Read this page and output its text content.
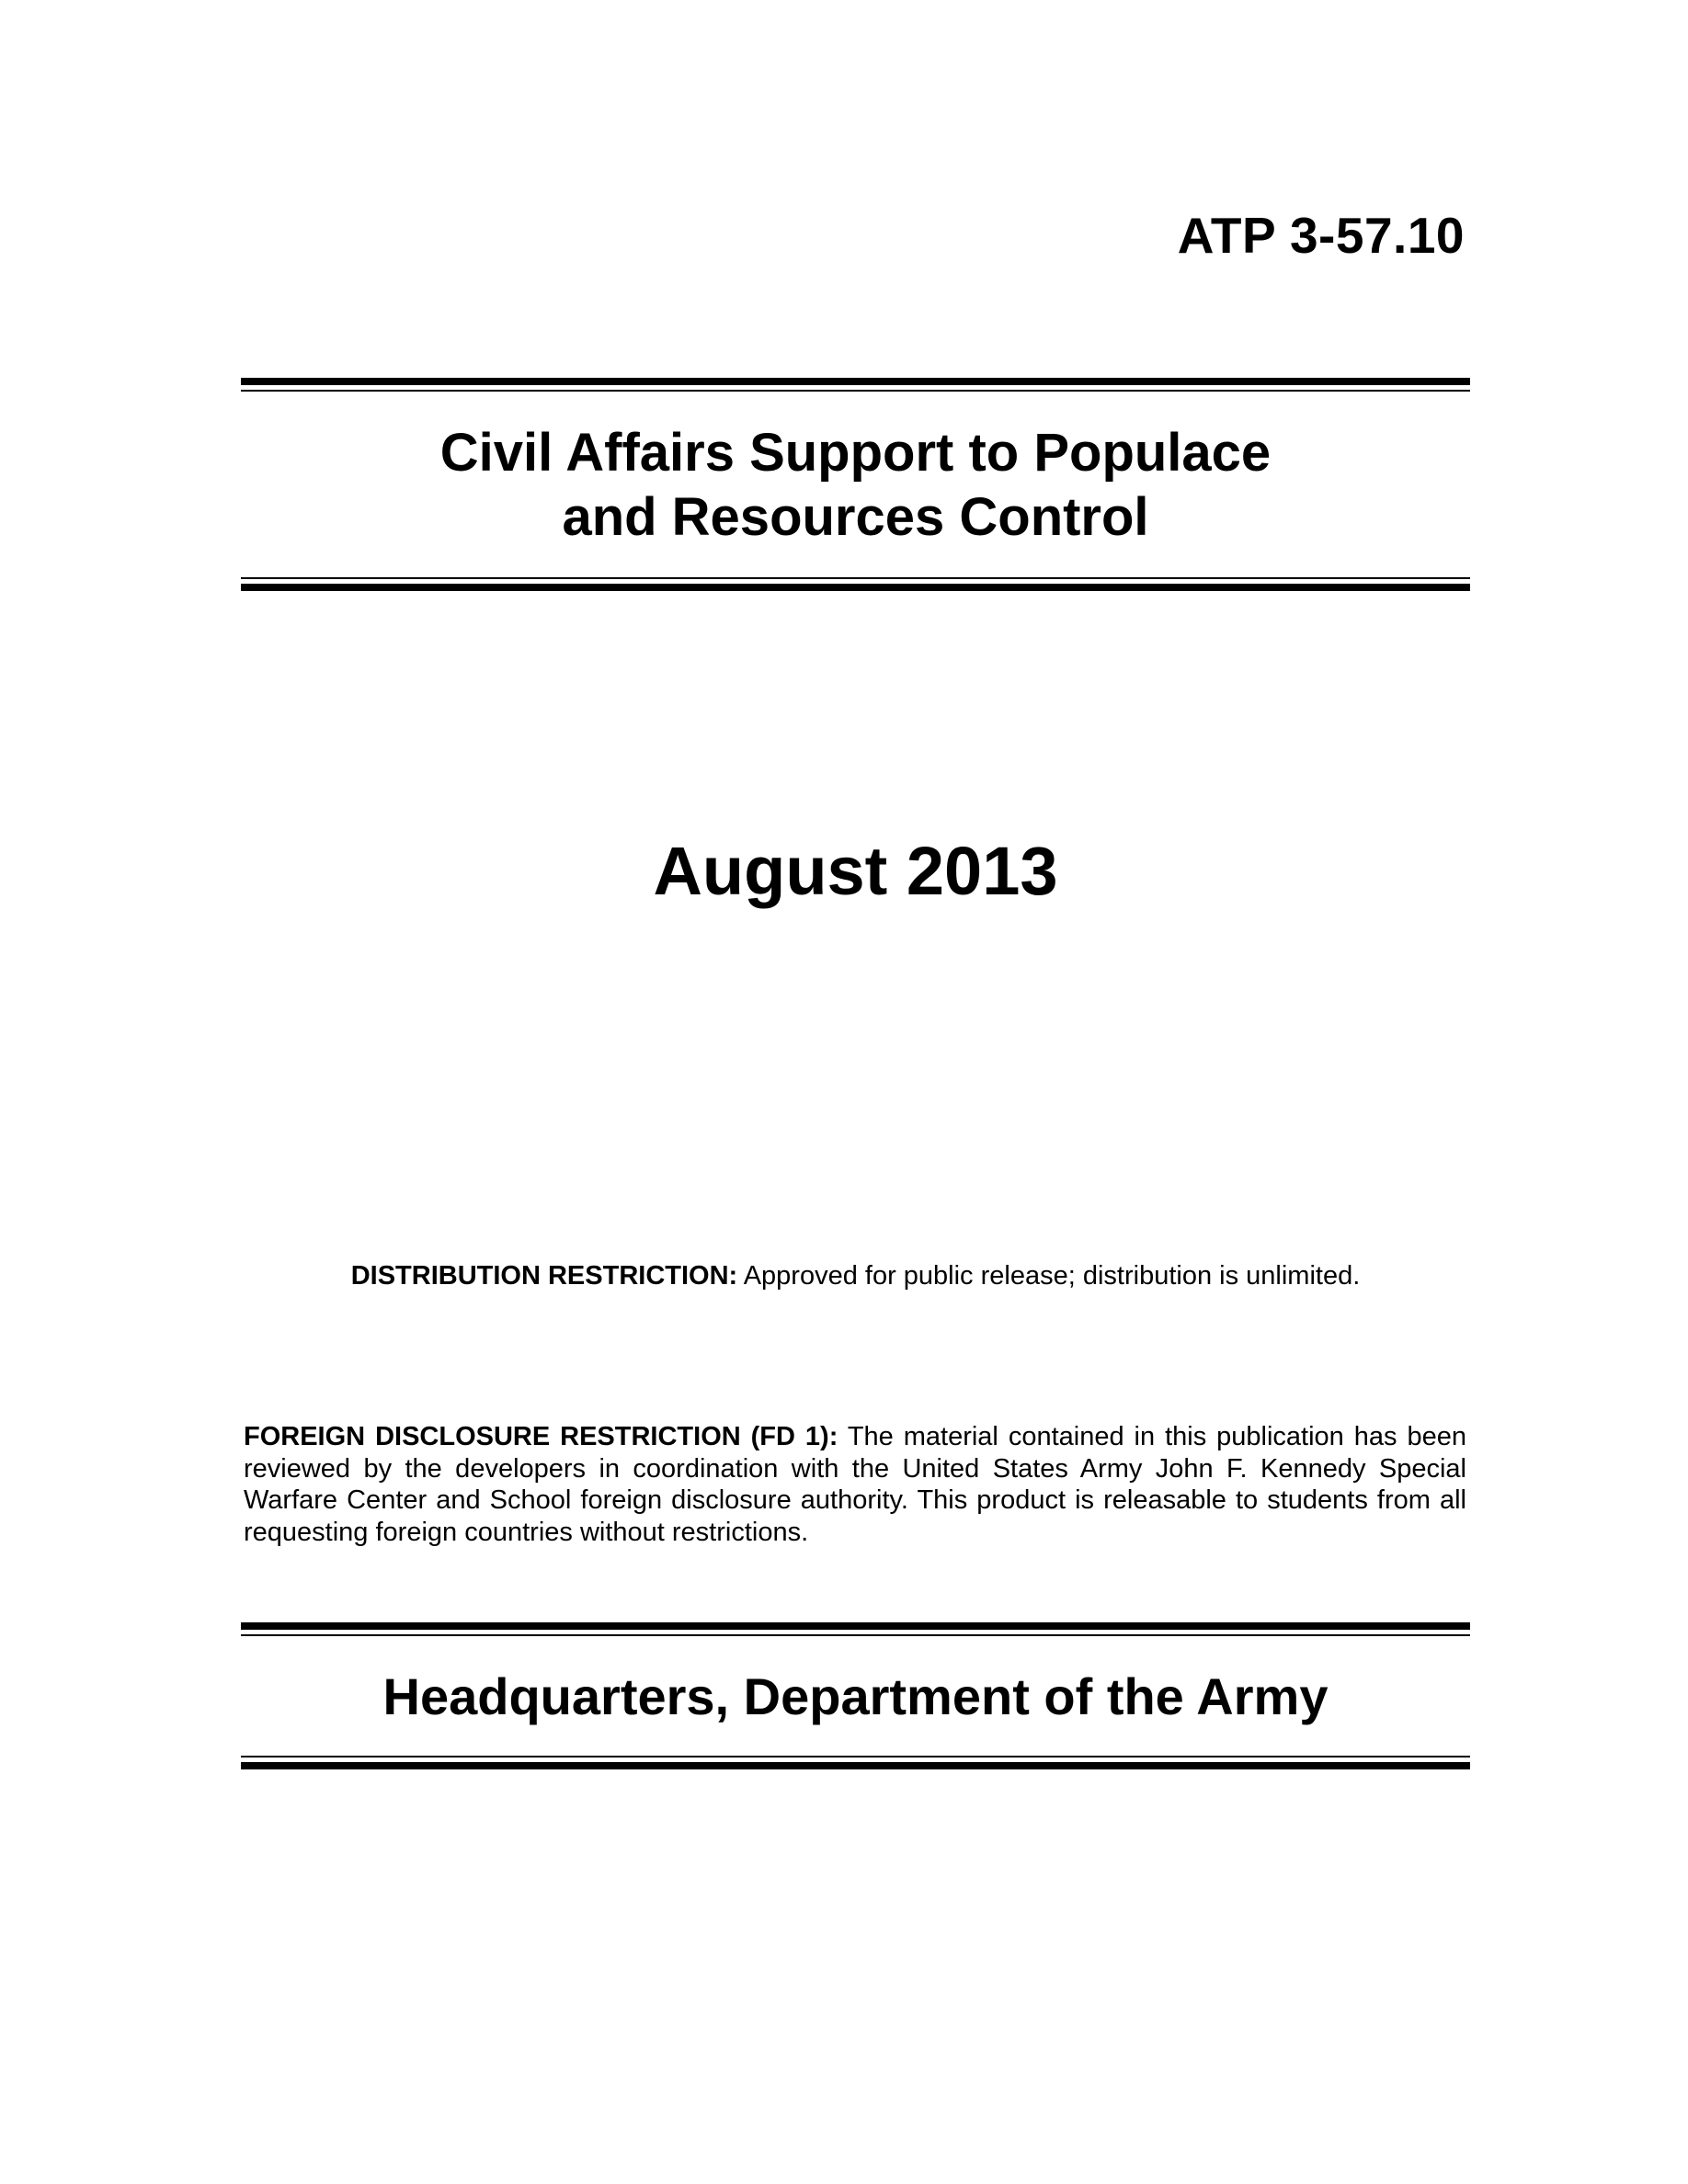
ATP 3-57.10
Civil Affairs Support to Populace
and Resources Control
August 2013
DISTRIBUTION RESTRICTION: Approved for public release; distribution is unlimited.
FOREIGN DISCLOSURE RESTRICTION (FD 1): The material contained in this publication has been reviewed by the developers in coordination with the United States Army John F. Kennedy Special Warfare Center and School foreign disclosure authority. This product is releasable to students from all requesting foreign countries without restrictions.
Headquarters, Department of the Army
